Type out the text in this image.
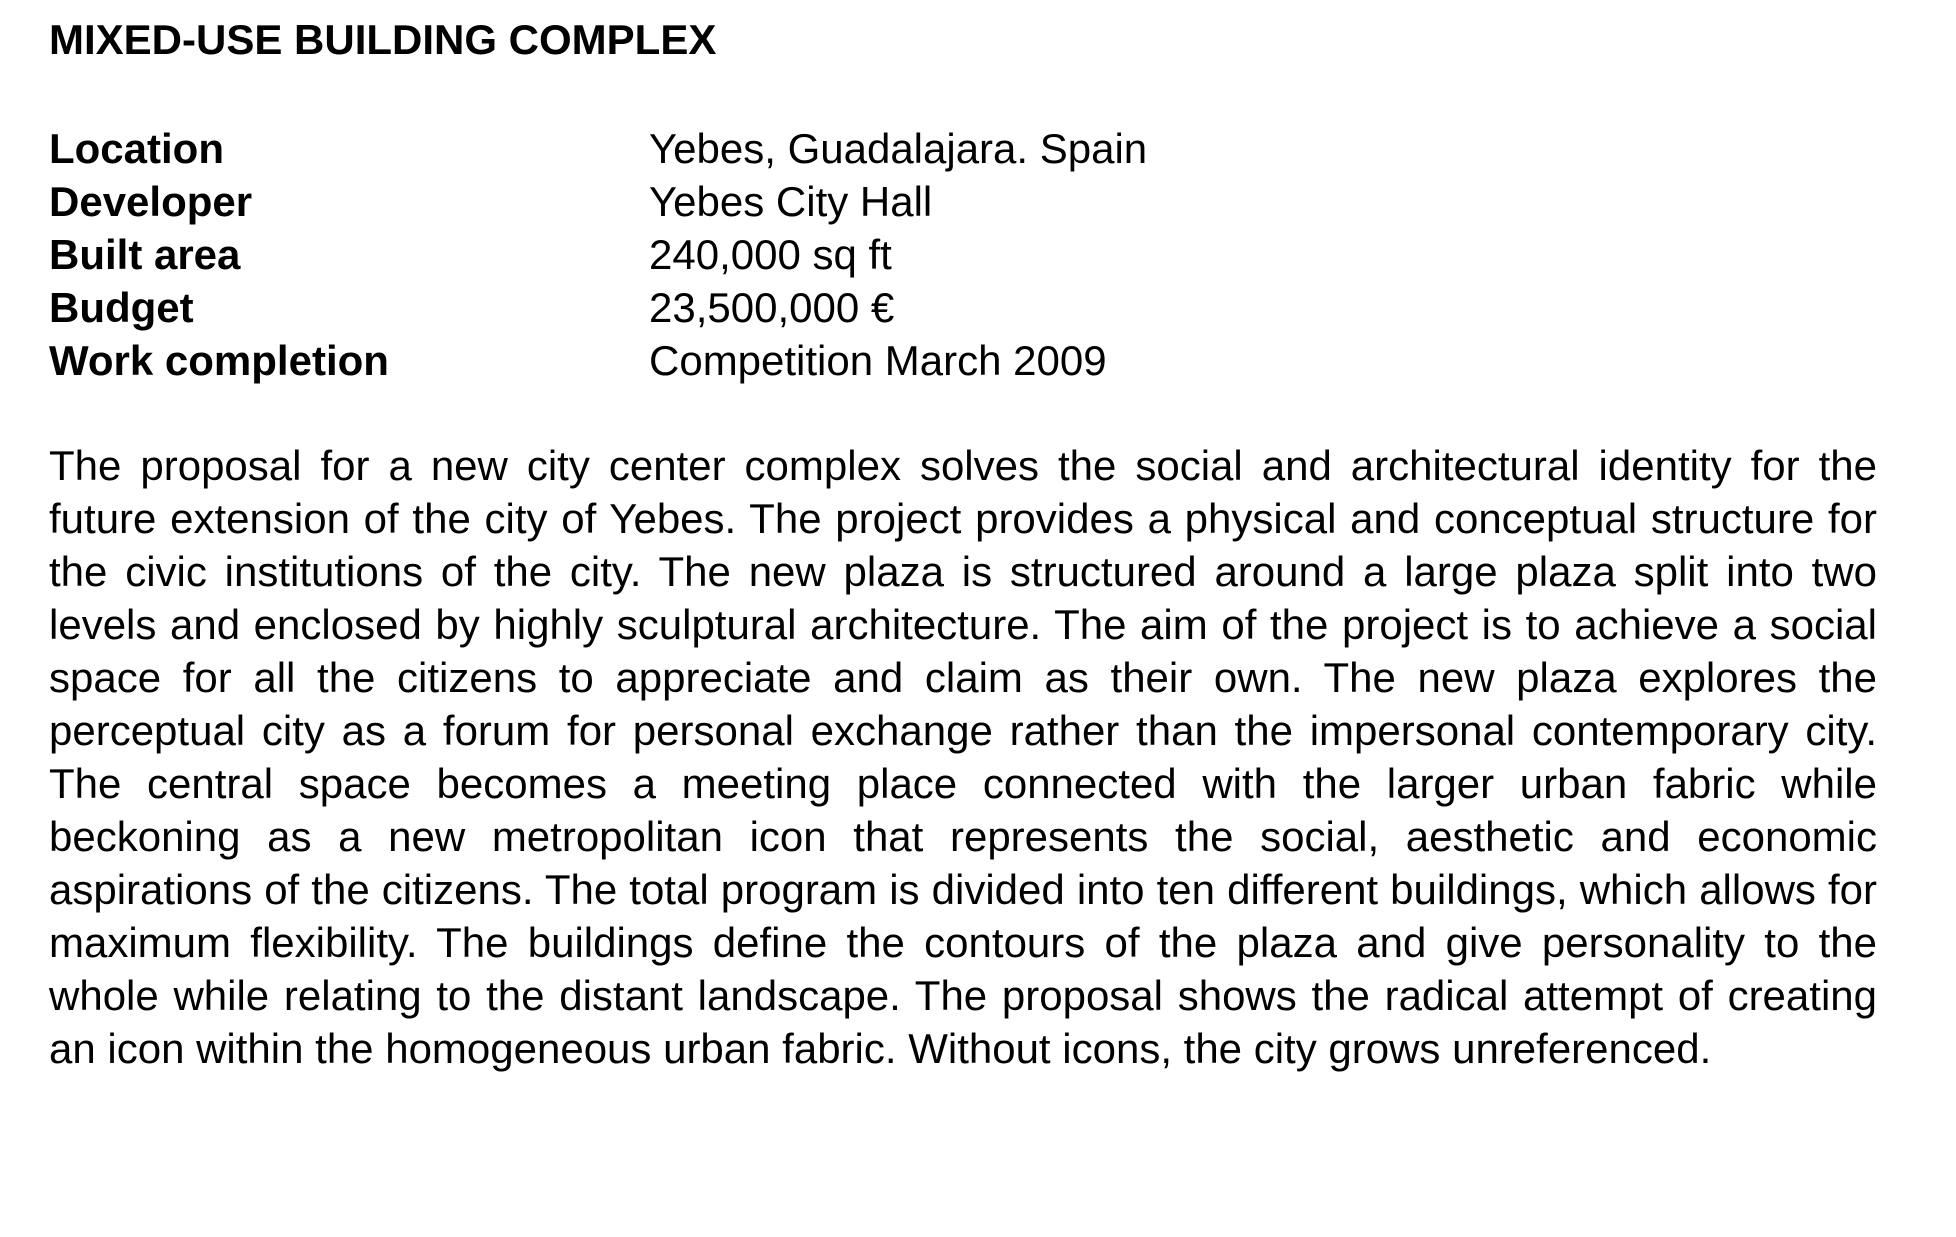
MIXED-USE BUILDING COMPLEX
Location	Yebes, Guadalajara. Spain
Developer	Yebes City Hall
Built area	240,000 sq ft
Budget	23,500,000 €
Work completion	Competition March 2009

The proposal for a new city center complex solves the social and architectural identity for the future extension of the city of Yebes. The project provides a physical and conceptual structure for the civic institutions of the city. The new plaza is structured around a large plaza split into two levels and enclosed by highly sculptural architecture. The aim of the project is to achieve a social space for all the citizens to appreciate and claim as their own. The new plaza explores the perceptual city as a forum for personal exchange rather than the impersonal contemporary city. The central space becomes a meeting place connected with the larger urban fabric while beckoning as a new metropolitan icon that represents the social, aesthetic and economic aspirations of the citizens. The total program is divided into ten different buildings, which allows for maximum flexibility. The buildings define the contours of the plaza and give personality to the whole while relating to the distant landscape. The proposal shows the radical attempt of creating an icon within the homogeneous urban fabric. Without icons, the city grows unreferenced.
